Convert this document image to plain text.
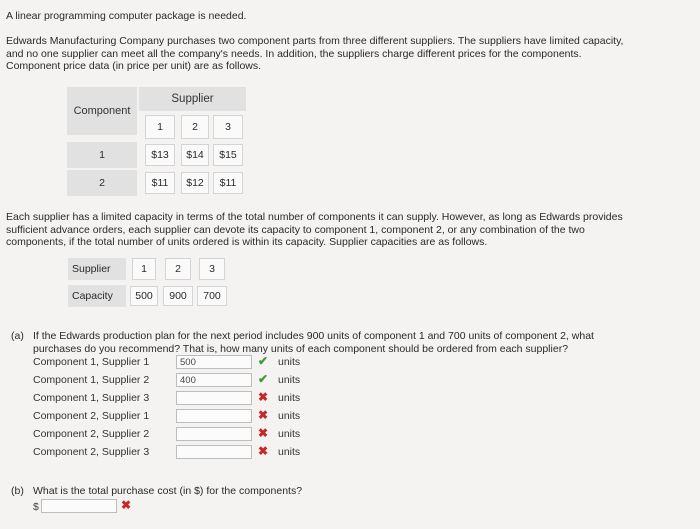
A linear programming computer package is needed.
Edwards Manufacturing Company purchases two component parts from three different suppliers. The suppliers have limited capacity,
and no one supplier can meet all the company's needs. In addition, the suppliers charge different prices for the components.
Component price data (in price per unit) are as follows.
Component
Supplier
1	2	3
1	$13	$14	$15
2	$11	$12	$11
Each supplier has a limited capacity in terms of the total number of components it can supply. However, as long as Edwards provides
sufficient advance orders, each supplier can devote its capacity to component 1, component 2, or any combination of the two
components, if the total number of units ordered is within its capacity. Supplier capacities are as follows.
Supplier	1	2	3
Capacity	500	900	700
(a) If the Edwards production plan for the next period includes 900 units of component 1 and 700 units of component 2, what
purchases do you recommend? That is, how many units of each component should be ordered from each supplier?
Component 1, Supplier 1
500	✔ units
Component 1, Supplier 2
400	✔ units
Component 1, Supplier 3	✖ units
Component 2, Supplier 1	✖ units
Component 2, Supplier 2	✖ units
Component 2, Supplier 3	✖ units
(b) What is the total purchase cost (in $) for the components?
$	✖
